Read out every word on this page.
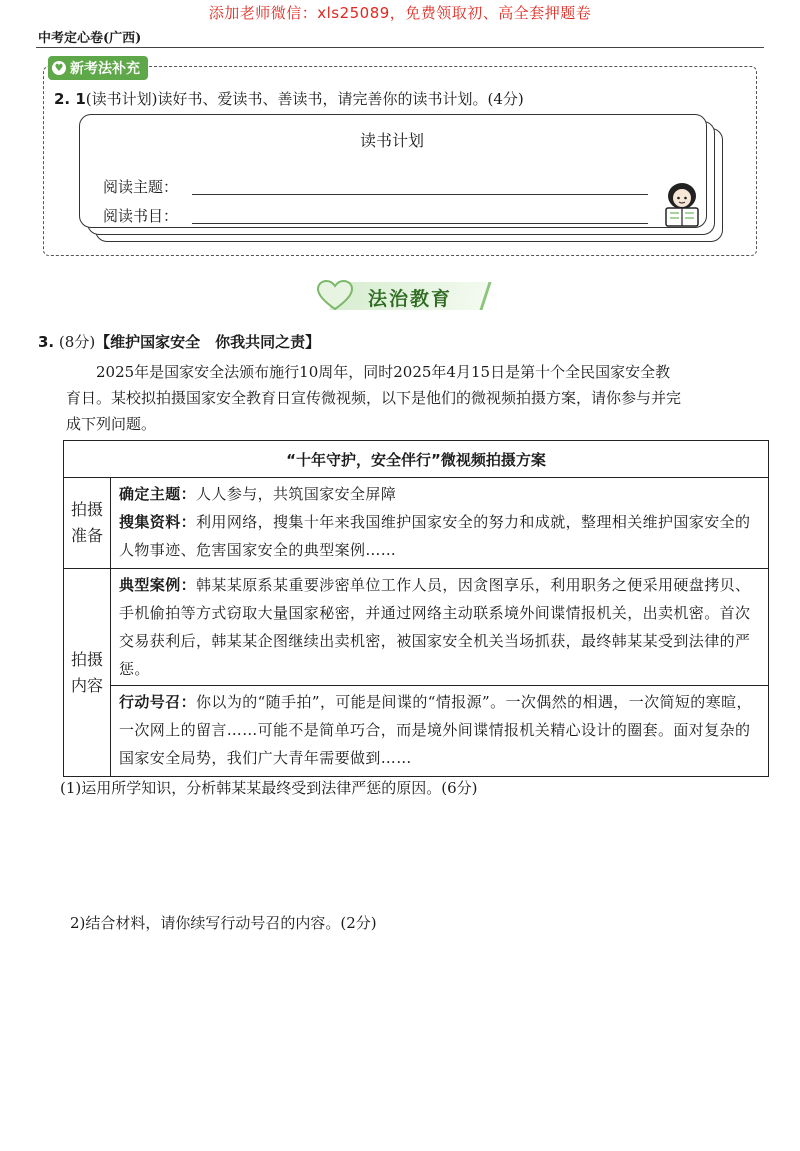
添加老师微信：xls25089，免费领取初、高全套押题卷
中考定心卷(广西)
♥ 新考法补充
2. 1(读书计划)读好书、爱读书、善读书，请完善你的读书计划。(4分)
读书计划
阅读主题：
阅读书目：
法治教育
3. (8分)【维护国家安全　你我共同之责】
2025年是国家安全法颁布施行10周年，同时2025年4月15日是第十个全民国家安全教
育日。某校拟拍摄国家安全教育日宣传微视频，以下是他们的微视频拍摄方案，请你参与并完
成下列问题。
“十年守护，安全伴行”微视频拍摄方案	
拍摄准备	确定主题：人人参与，共筑国家安全屏障
搜集资料：利用网络，搜集十年来我国维护国家安全的努力和成就，整理相关维护国家安全的人物事迹、危害国家安全的典型案例……

拍摄内容	典型案例：韩某某原系某重要涉密单位工作人员，因贪图享乐，利用职务之便采用硬盘拷贝、手机偷拍等方式窃取大量国家秘密，并通过网络主动联系境外间谍情报机关，出卖机密。首次交易获利后，韩某某企图继续出卖机密，被国家安全机关当场抓获，最终韩某某受到法律的严惩。
行动号召：你以为的“随手拍”，可能是间谍的“情报源”。一次偶然的相遇，一次简短的寒暄，一次网上的留言……可能不是简单巧合，而是境外间谍情报机关精心设计的圈套。面对复杂的国家安全局势，我们广大青年需要做到……
(1)运用所学知识，分析韩某某最终受到法律严惩的原因。(6分)
2)结合材料，请你续写行动号召的内容。(2分)
